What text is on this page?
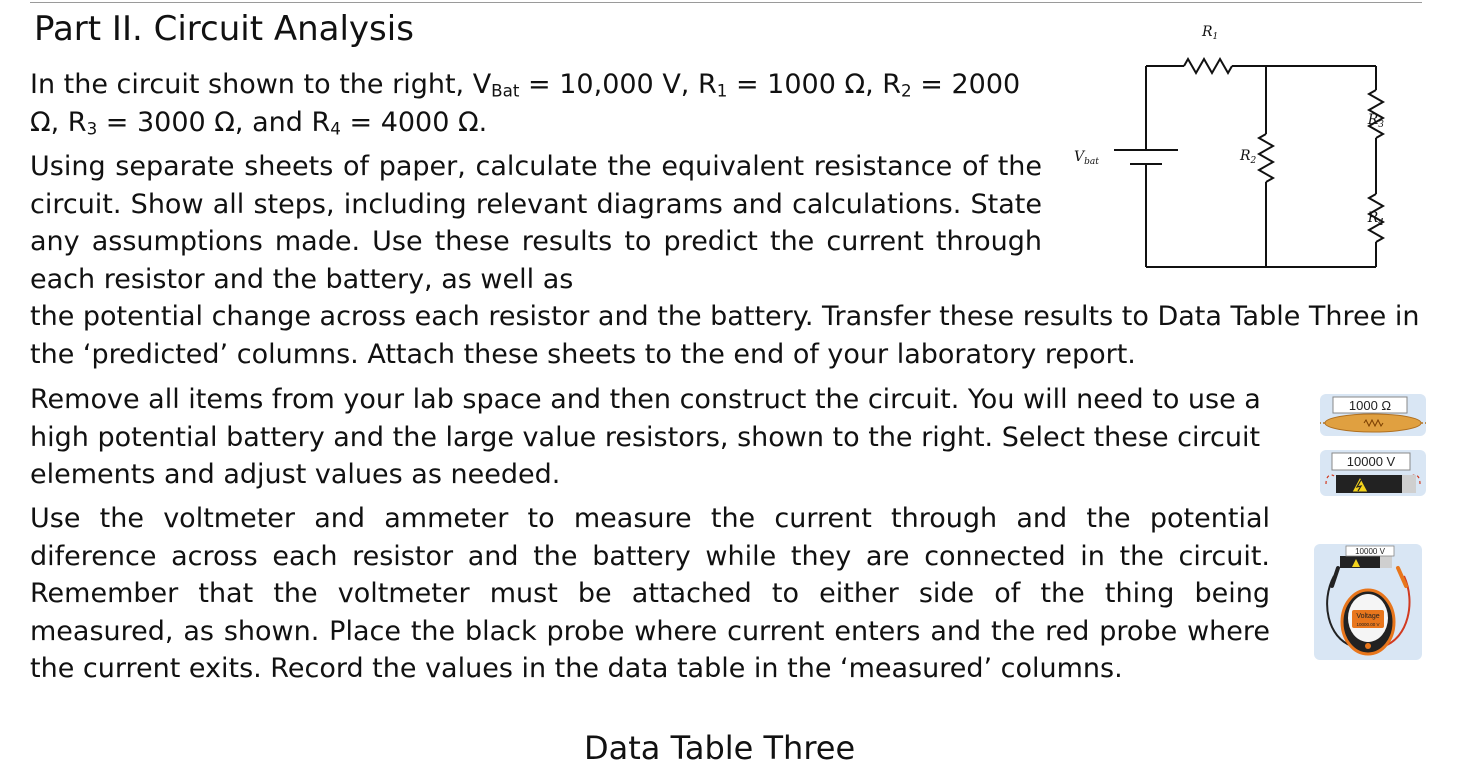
Part II. Circuit Analysis

In the circuit shown to the right, $V_{Bat} = 10,000$ V, $R_1 = 1000$ Ω, $R_2 = 2000$ Ω, $R_3 = 3000$ Ω, and $R_4 = 4000$ Ω.

Using separate sheets of paper, calculate the equivalent resistance of the circuit. Show all steps, including relevant diagrams and calculations. State any assumptions made. Use these results to predict the current through each resistor and the battery, as well as

the potential change across each resistor and the battery. Transfer these results to Data Table Three in the ‘predicted’ columns. Attach these sheets to the end of your laboratory report.

Remove all items from your lab space and then construct the circuit. You will need to use a high potential battery and the large value resistors, shown to the right. Select these circuit elements and adjust values as needed.

Use the voltmeter and ammeter to measure the current through and the potential diference across each resistor and the battery while they are connected in the circuit. Remember that the voltmeter must be attached to either side of the thing being measured, as shown. Place the black probe where current enters and the red probe where the current exits. Record the values in the data table in the ‘measured’ columns.

Data Table Three
$R_1$
$R_2$
$R_3$
$R_4$
$V_{bat}$
1000 Ω
10000 V
10000 V
Voltage
10000.00 V
